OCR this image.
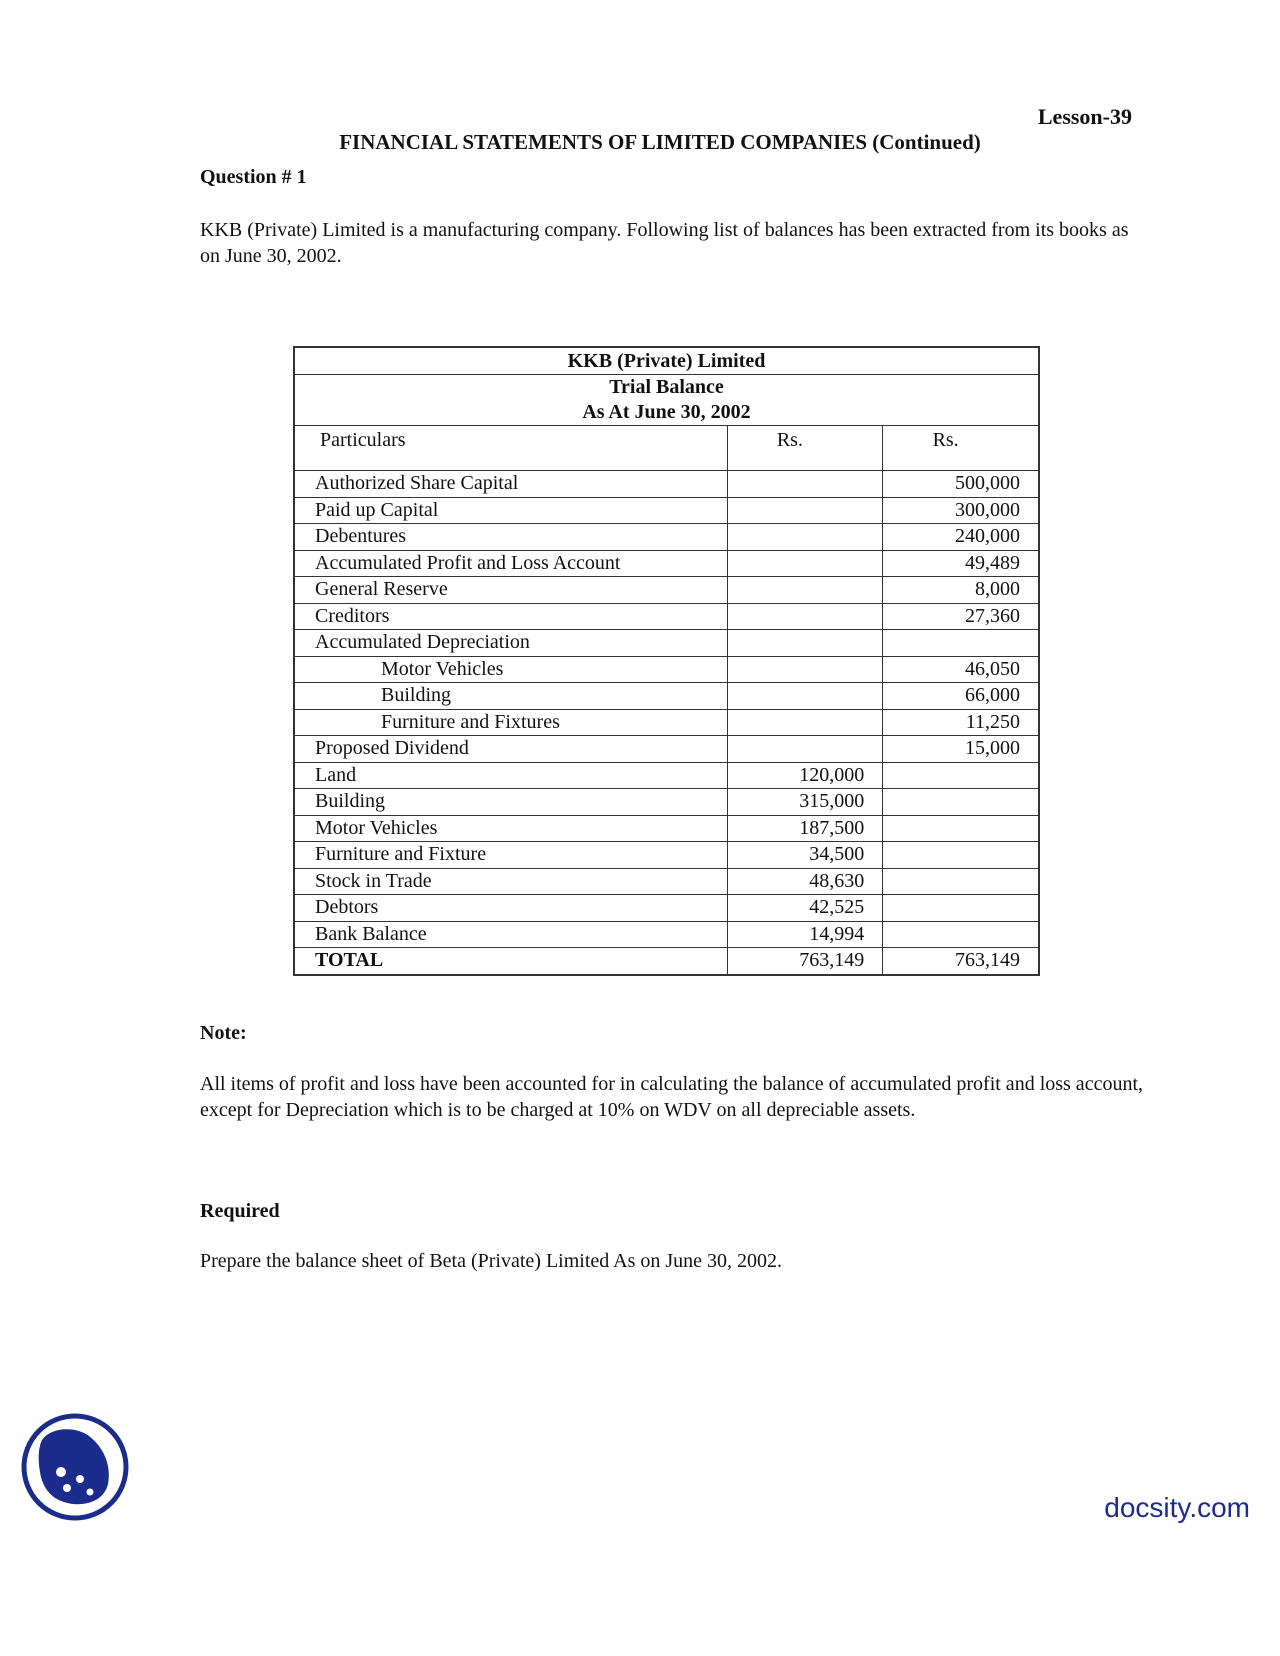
Lesson-39
FINANCIAL STATEMENTS OF LIMITED COMPANIES (Continued)
Question # 1

KKB (Private) Limited is a manufacturing company. Following list of balances has been extracted from its books as on June 30, 2002.

KKB (Private) Limited		

Trial Balance
As At June 30, 2002		

Particulars	Rs.	Rs.
Authorized Share Capital		500,000
Paid up Capital		300,000
Debentures		240,000
Accumulated Profit and Loss Account		49,489
General Reserve		8,000
Creditors		27,360
Accumulated Depreciation		
Motor Vehicles		46,050
Building		66,000
Furniture and Fixtures		11,250
Proposed Dividend		15,000
Land	120,000	
Building	315,000	
Motor Vehicles	187,500	
Furniture and Fixture	34,500	
Stock in Trade	48,630	
Debtors	42,525	
Bank Balance	14,994	
TOTAL	763,149	763,149
Note:

All items of profit and loss have been accounted for in calculating the balance of accumulated profit and loss account, except for Depreciation which is to be charged at 10% on WDV on all depreciable assets.

Required

Prepare the balance sheet of Beta (Private) Limited As on June 30, 2002.

docsity.com
